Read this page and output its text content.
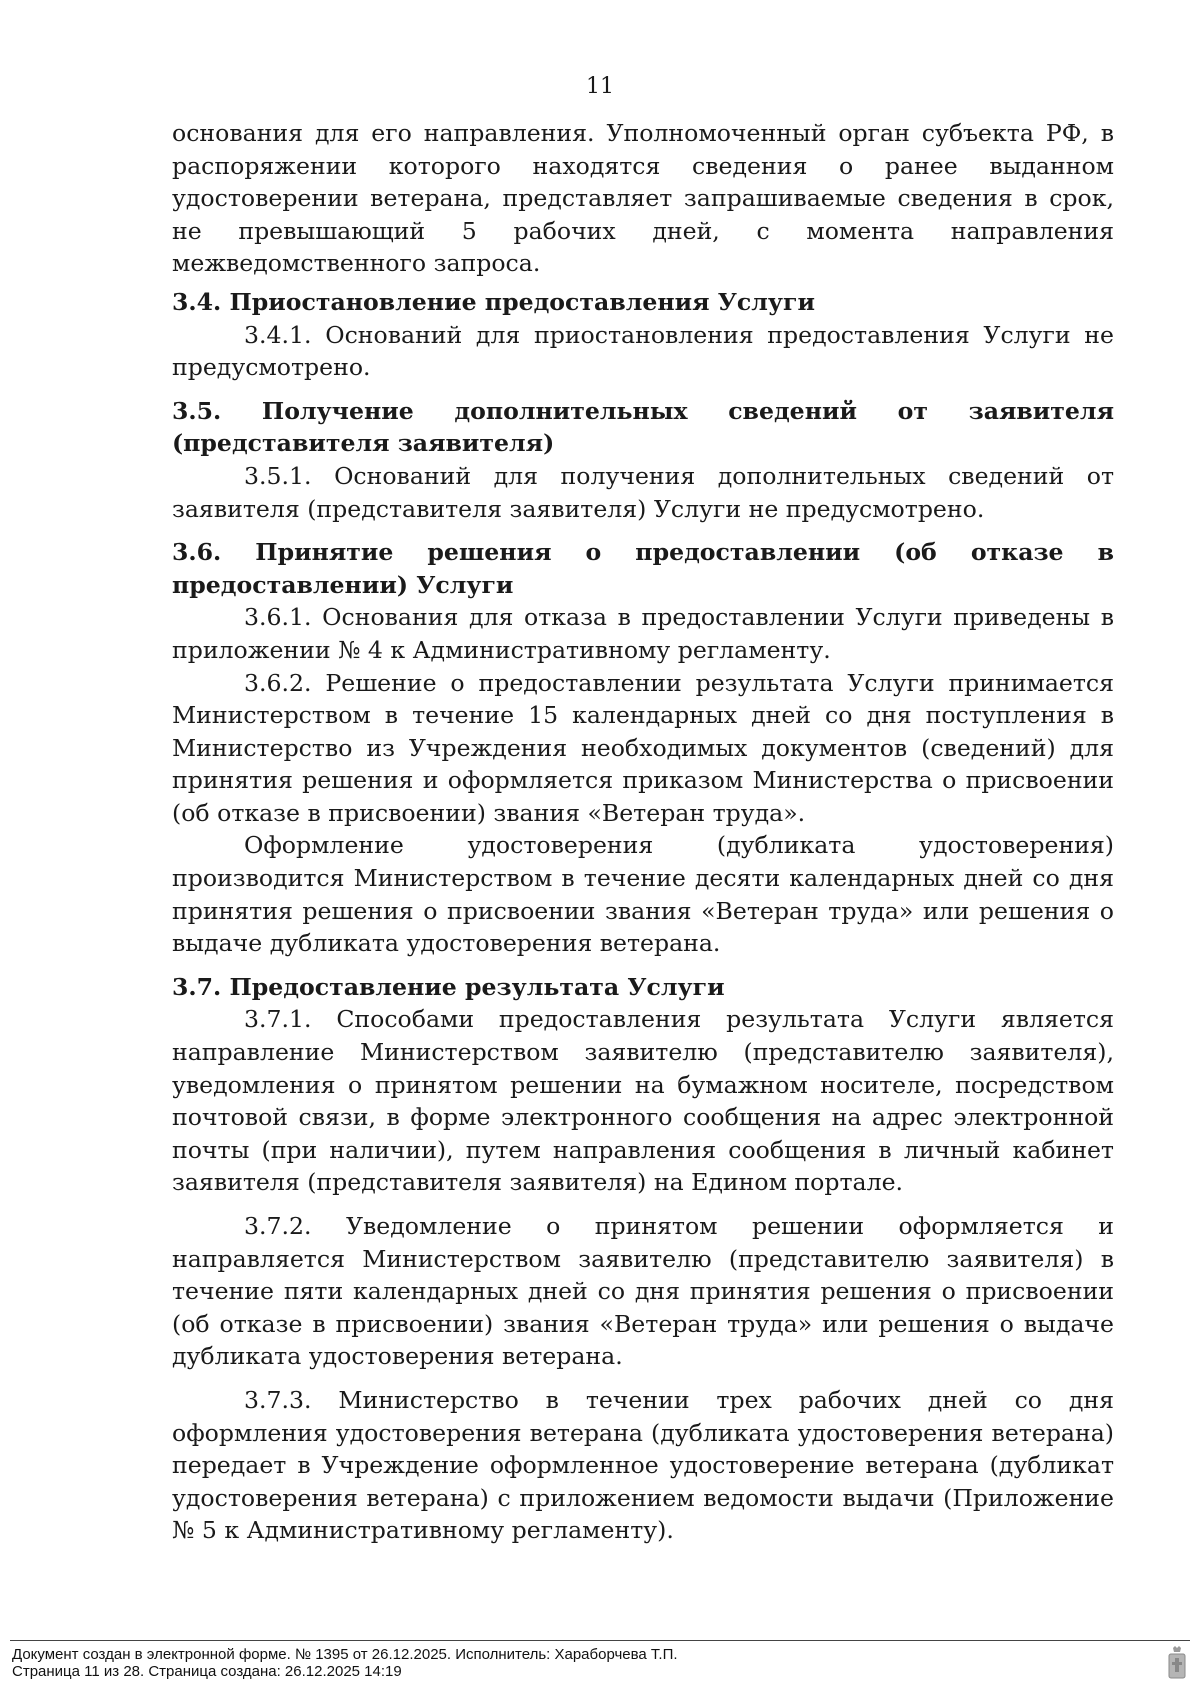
11

основания для его направления. Уполномоченный орган субъекта РФ, в распоряжении которого находятся сведения о ранее выданном удостоверении ветерана, представляет запрашиваемые сведения в срок, не превышающий 5 рабочих дней, с момента направления межведомственного запроса.

3.4. Приостановление предоставления Услуги

3.4.1. Оснований для приостановления предоставления Услуги не предусмотрено.

3.5. Получение дополнительных сведений от заявителя (представителя заявителя)

3.5.1. Оснований для получения дополнительных сведений от заявителя (представителя заявителя) Услуги не предусмотрено.

3.6. Принятие решения о предоставлении (об отказе в предоставлении) Услуги

3.6.1. Основания для отказа в предоставлении Услуги приведены в приложении № 4 к Административному регламенту.

3.6.2. Решение о предоставлении результата Услуги принимается Министерством в течение 15 календарных дней со дня поступления в Министерство из Учреждения необходимых документов (сведений) для принятия решения и оформляется приказом Министерства о присвоении (об отказе в присвоении) звания «Ветеран труда».

Оформление удостоверения (дубликата удостоверения) производится Министерством в течение десяти календарных дней со дня принятия решения о присвоении звания «Ветеран труда» или решения о выдаче дубликата удостоверения ветерана.

3.7. Предоставление результата Услуги

3.7.1. Способами предоставления результата Услуги является направление Министерством заявителю (представителю заявителя), уведомления о принятом решении на бумажном носителе, посредством почтовой связи, в форме электронного сообщения на адрес электронной почты (при наличии), путем направления сообщения в личный кабинет заявителя (представителя заявителя) на Едином портале.

3.7.2. Уведомление о принятом решении оформляется и направляется Министерством заявителю (представителю заявителя) в течение пяти календарных дней со дня принятия решения о присвоении (об отказе в присвоении) звания «Ветеран труда» или решения о выдаче дубликата удостоверения ветерана.

3.7.3. Министерство в течении трех рабочих дней со дня оформления удостоверения ветерана (дубликата удостоверения ветерана) передает в Учреждение оформленное удостоверение ветерана (дубликат удостоверения ветерана) с приложением ведомости выдачи (Приложение № 5 к Административному регламенту).

Документ создан в электронной форме. № 1395 от 26.12.2025. Исполнитель: Хараборчева Т.П.
Страница 11 из 28. Страница создана: 26.12.2025 14:19
